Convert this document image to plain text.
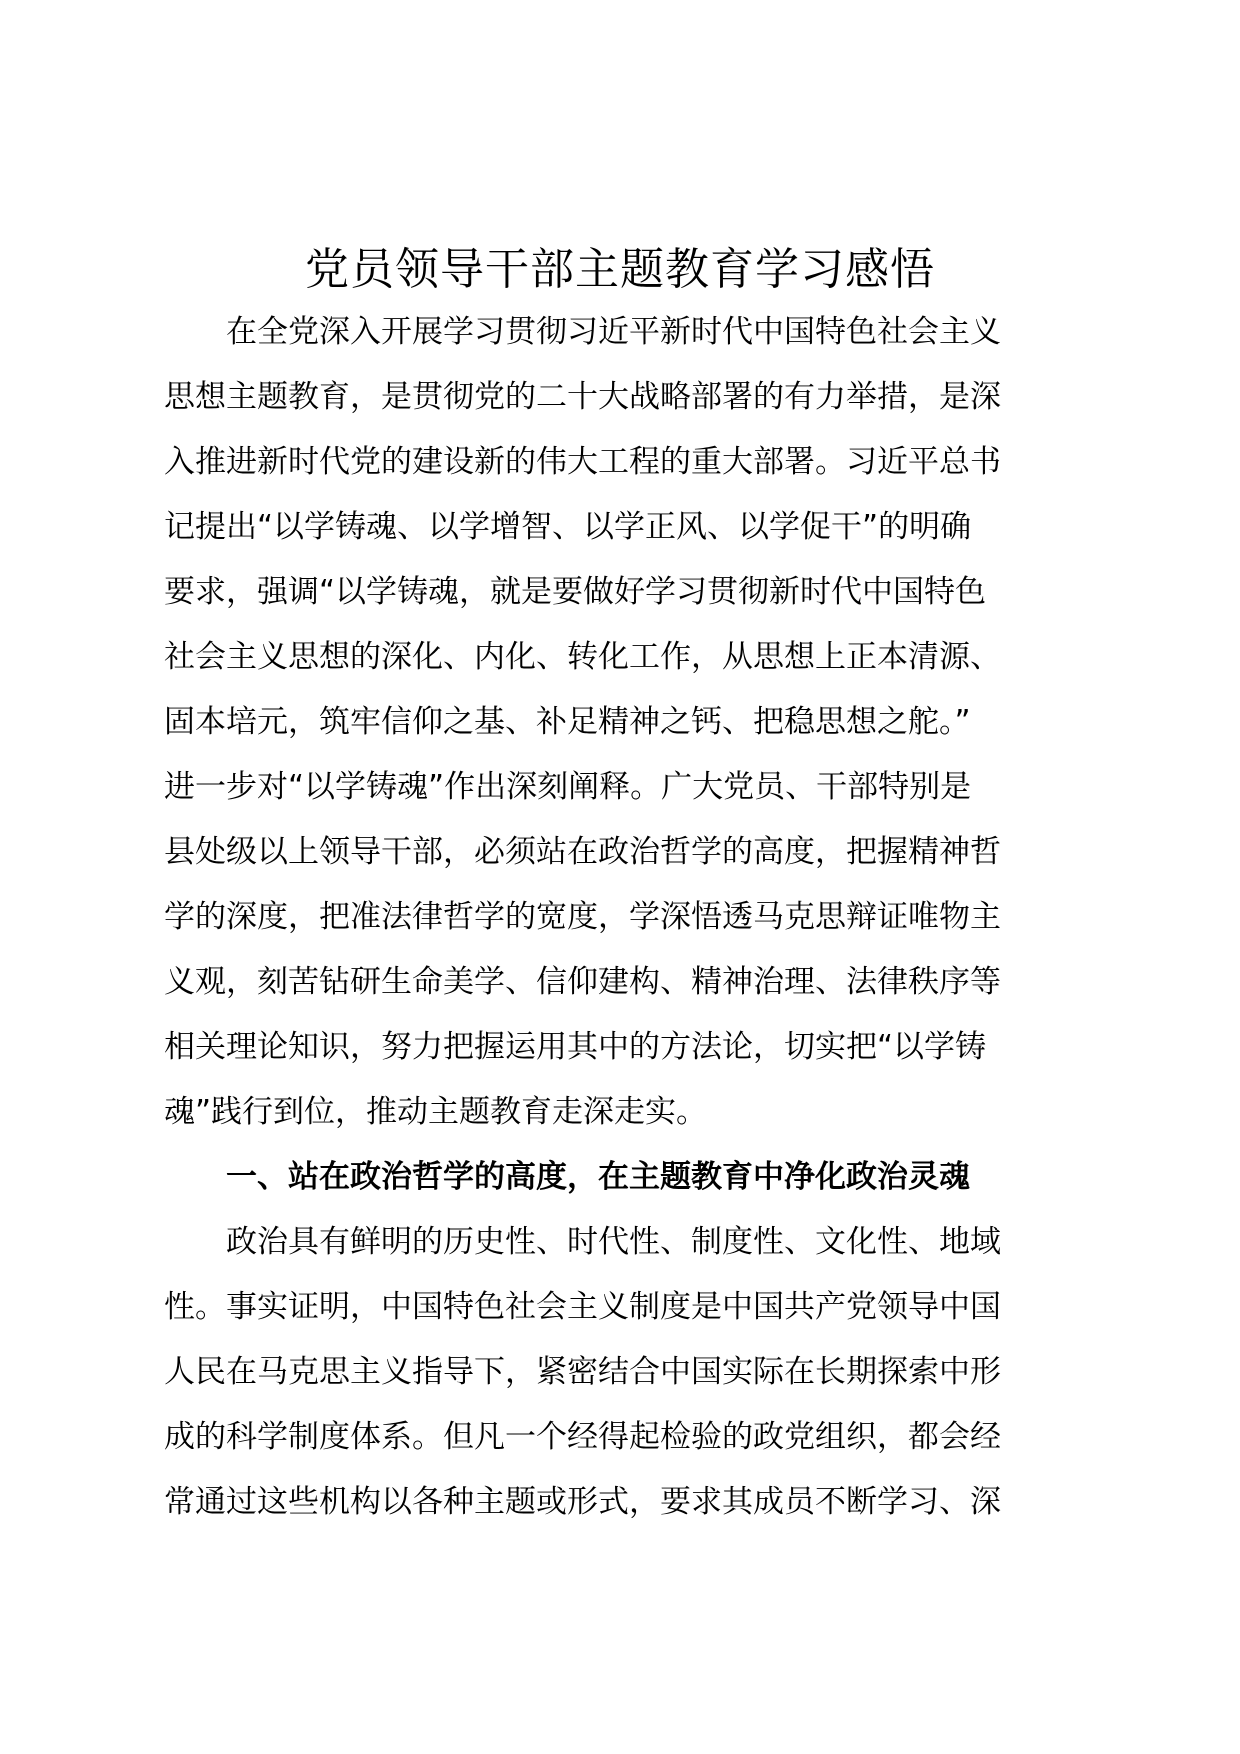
党员领导干部主题教育学习感悟
　　在全党深入开展学习贯彻习近平新时代中国特色社会主义
思想主题教育，是贯彻党的二十大战略部署的有力举措，是深
入推进新时代党的建设新的伟大工程的重大部署。习近平总书
记提出“以学铸魂、以学增智、以学正风、以学促干”的明确
要求，强调“以学铸魂，就是要做好学习贯彻新时代中国特色
社会主义思想的深化、内化、转化工作，从思想上正本清源、
固本培元，筑牢信仰之基、补足精神之钙、把稳思想之舵。”
进一步对“以学铸魂”作出深刻阐释。广大党员、干部特别是
县处级以上领导干部，必须站在政治哲学的高度，把握精神哲
学的深度，把准法律哲学的宽度，学深悟透马克思辩证唯物主
义观，刻苦钻研生命美学、信仰建构、精神治理、法律秩序等
相关理论知识，努力把握运用其中的方法论，切实把“以学铸
魂”践行到位，推动主题教育走深走实。
　　一、站在政治哲学的高度，在主题教育中净化政治灵魂
　　政治具有鲜明的历史性、时代性、制度性、文化性、地域
性。事实证明，中国特色社会主义制度是中国共产党领导中国
人民在马克思主义指导下，紧密结合中国实际在长期探索中形
成的科学制度体系。但凡一个经得起检验的政党组织，都会经
常通过这些机构以各种主题或形式，要求其成员不断学习、深
